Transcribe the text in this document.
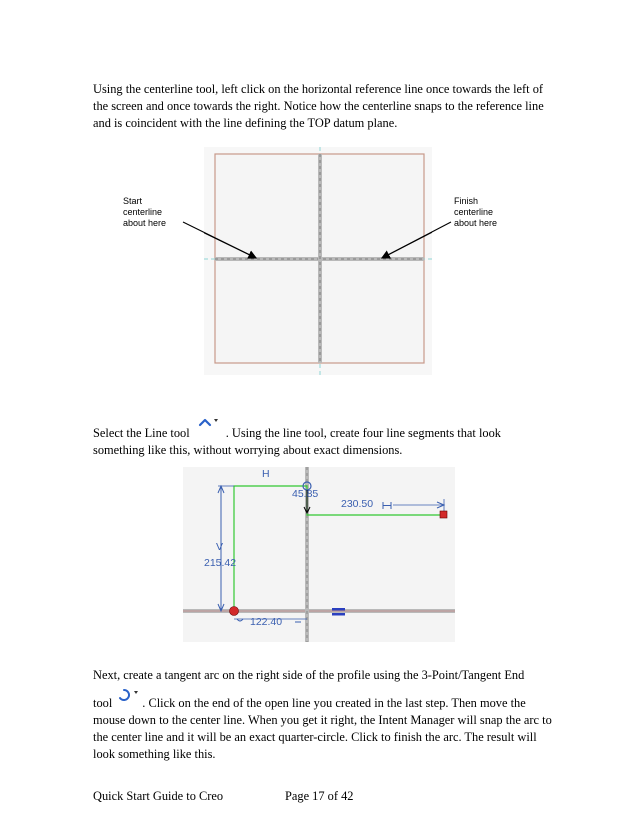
Using the centerline tool, left click on the horizontal reference line once towards the left of the screen and once towards the right. Notice how the centerline snaps to the reference line and is coincident with the line defining the TOP datum plane.
Start
centerline
about here
Finish
centerline
about here
Select the Line tool	. Using the line tool, create four line segments that look something like this, without worrying about exact dimensions.
H
V
215.42
45.85
230.50
122.40
Next, create a tangent arc on the right side of the profile using the 3-Point/Tangent End
tool . Click on the end of the open line you created in the last step. Then move the mouse down to the center line. When you get it right, the Intent Manager will snap the arc to the center line and it will be an exact quarter-circle. Click to finish the arc. The result will look something like this.
Quick Start Guide to Creo	Page 17 of 42
